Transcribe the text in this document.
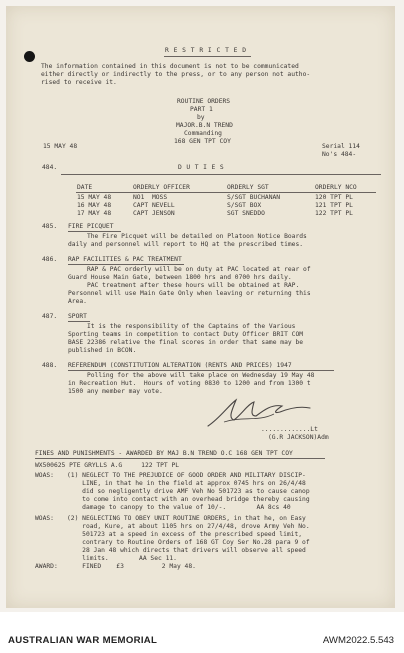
R E S T R I C T E D
The information contained in this document is not to be communicated
either directly or indirectly to the press, or to any person not autho-
rised to receive it.
ROUTINE ORDERS
PART 1
by
MAJOR.B.N TREND
Commanding
168 GEN TPT COY
15 MAY 48	Serial 114
No's 484-
484.	D U T I E S
DATE	ORDERLY OFFICER	ORDERLY SGT	ORDERLY NCO
15 MAY 48	NO1  MOSS	S/SGT BUCHANAN	120 TPT PL
16 MAY 48	CAPT NEVELL	S/SGT BOX	121 TPT PL
17 MAY 48	CAPT JENSON	SGT SNEDDO	122 TPT PL
485. FIRE PICQUET
The Fire Picquet will be detailed on Platoon Notice Boards
daily and personnel will report to HQ at the prescribed times.
486. RAP FACILITIES & PAC TREATMENT
RAP & PAC orderly will be on duty at PAC located at rear of
Guard House Main Gate, between 1800 hrs and 0700 hrs daily.
PAC treatment after these hours will be obtained at RAP.
Personnel will use Main Gate Only when leaving or returning this
Area.
487. SPORT
It is the responsibility of the Captains of the Various
Sporting teams in competition to contact Duty Officer BRIT COM
BASE 22386 relative the final scores in order that same may be
published in BCON.
488. REFERENDUM (CONSTITUTION ALTERATION (RENTS AND PRICES) 1947
Polling for the above will take place on Wednesday 19 May 48
in Recreation Hut.  Hours of voting 0830 to 1200 and from 1300 t
1500 any member may vote.
.............Lt
(G.R JACKSON)Adm
FINES AND PUNISHMENTS - AWARDED BY MAJ B.N TREND O.C 168 GEN TPT COY
WX500625 PTE GRYLLS A.G     122 TPT PL
WOAS: (1) NEGLECT TO THE PREJUDICE OF GOOD ORDER AND MILITARY DISCIP-
LINE, in that he in the field at approx 0745 hrs on 26/4/48
did so negligently drive AMF Veh No 501723 as to cause canop
to come into contact with an overhead bridge thereby causing
damage to canopy to the value of 10/-.        AA 8cs 40
WOAS: (2) NEGLECTING TO OBEY UNIT ROUTINE ORDERS, in that he, on Easy
road, Kure, at about 1105 hrs on 27/4/48, drove Army Veh No.
501723 at a speed in excess of the prescribed speed limit,
contrary to Routine Orders of 168 GT Coy Ser No.28 para 9 of
28 Jan 48 which directs that drivers will observe all speed
limits.        AA Sec 11.
AWARD: FINED    £3          2 May 48.
AUSTRALIAN WAR MEMORIAL	AWM2022.5.543
